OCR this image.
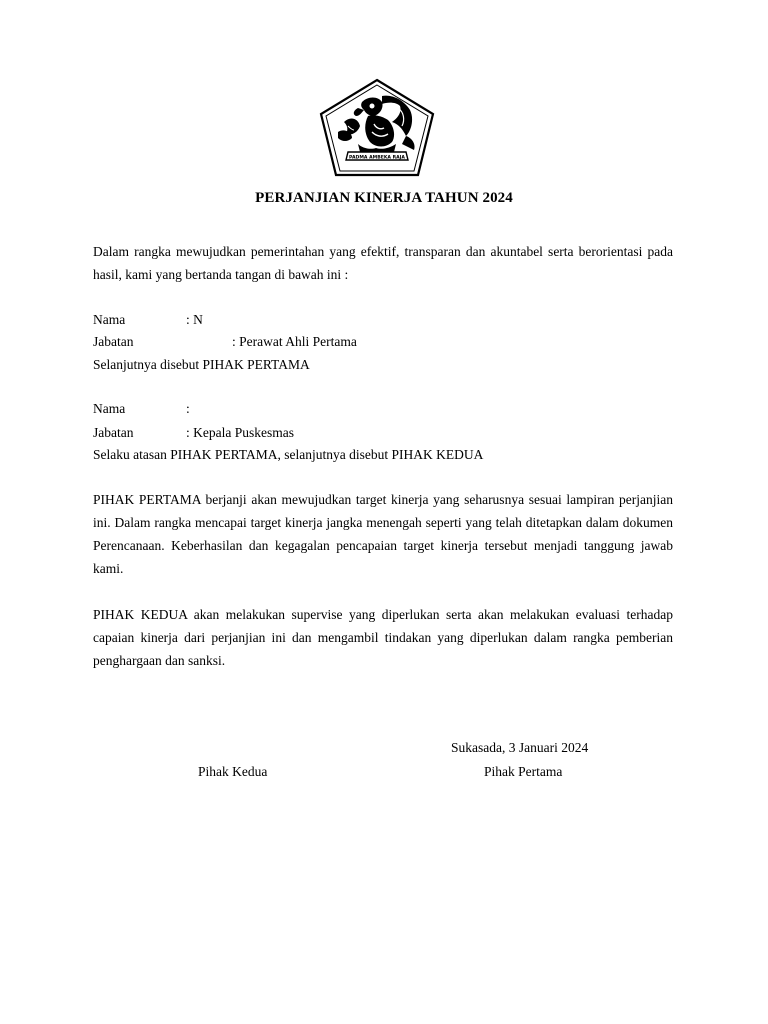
PADMA AMBEKA RAJA
PERJANJIAN KINERJA TAHUN 2024
Dalam rangka mewujudkan pemerintahan yang efektif, transparan dan akuntabel serta berorientasi pada hasil, kami yang bertanda tangan di bawah ini :
Nama	: N
Jabatan	: Perawat Ahli Pertama
Selanjutnya disebut PIHAK PERTAMA
Nama	:
Jabatan	: Kepala Puskesmas
Selaku atasan PIHAK PERTAMA, selanjutnya disebut PIHAK KEDUA
PIHAK PERTAMA berjanji akan mewujudkan target kinerja yang seharusnya sesuai lampiran perjanjian ini. Dalam rangka mencapai target kinerja jangka menengah seperti yang telah ditetapkan dalam dokumen Perencanaan. Keberhasilan dan kegagalan pencapaian target kinerja tersebut menjadi tanggung jawab kami.
PIHAK KEDUA akan melakukan supervise yang diperlukan serta akan melakukan evaluasi terhadap capaian kinerja dari perjanjian ini dan mengambil tindakan yang diperlukan dalam rangka pemberian penghargaan dan sanksi.
Sukasada, 3 Januari 2024
Pihak Kedua	Pihak Pertama
